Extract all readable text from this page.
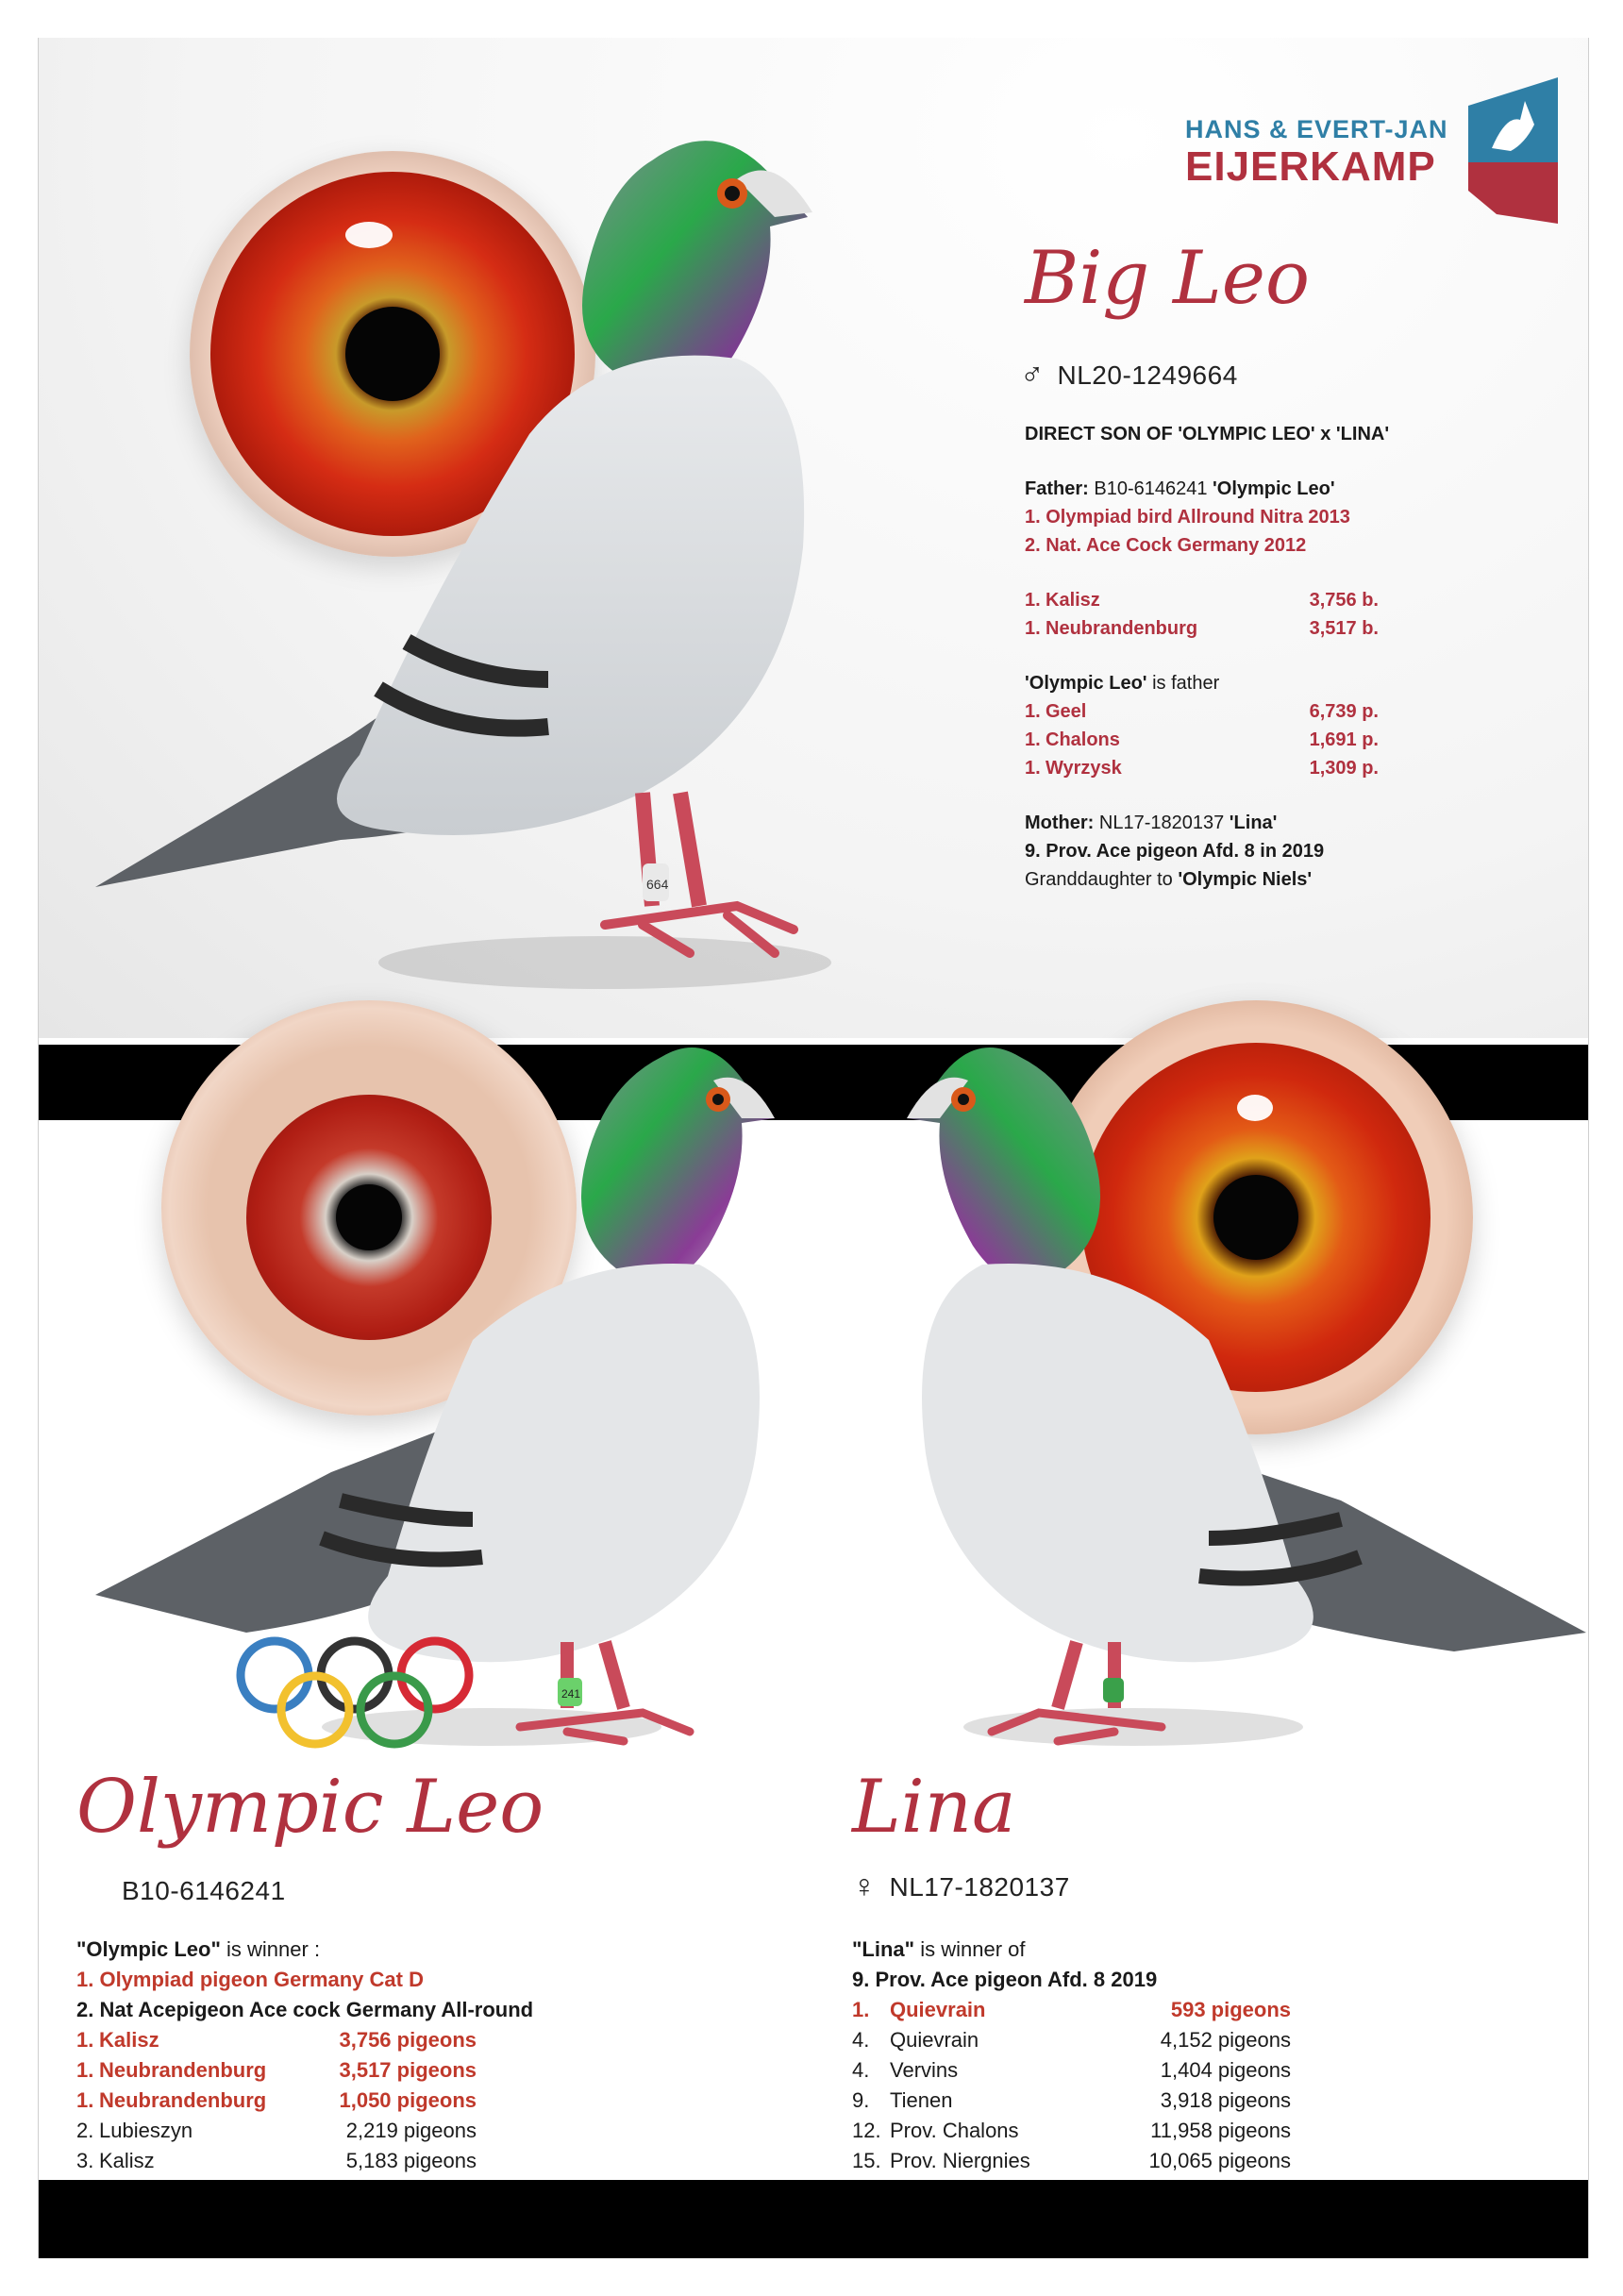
664
HANS & EVERT-JAN
EIJERKAMP
Big Leo
♂ NL20-1249664
DIRECT SON OF 'OLYMPIC LEO' x 'LINA'
Father: B10-6146241 'Olympic Leo'
1. Olympiad bird Allround Nitra 2013
2. Nat. Ace Cock Germany 2012
1. Kalisz	3,756 b.
1. Neubrandenburg	3,517 b.
'Olympic Leo' is father
1. Geel	6,739 p.
1. Chalons	1,691 p.
1. Wyrzysk	1,309 p.
Mother: NL17-1820137 'Lina'
9. Prov. Ace pigeon Afd. 8 in 2019
Granddaughter to 'Olympic Niels'
241
Olympic Leo
B10-6146241
"Olympic Leo" is winner :
1. Olympiad pigeon Germany Cat D
2. Nat Acepigeon Ace cock Germany All-round
1. Kalisz	3,756 pigeons
1. Neubrandenburg	3,517 pigeons
1. Neubrandenburg	1,050 pigeons
2. Lubieszyn	2,219 pigeons
3. Kalisz	5,183 pigeons
Lina
♀ NL17-1820137
"Lina" is winner of
9. Prov. Ace pigeon Afd. 8 2019
1. Quievrain	593 pigeons
4. Quievrain	4,152 pigeons
4. Vervins	1,404 pigeons
9. Tienen	3,918 pigeons
12. Prov. Chalons	11,958 pigeons
15. Prov. Niergnies	10,065 pigeons
